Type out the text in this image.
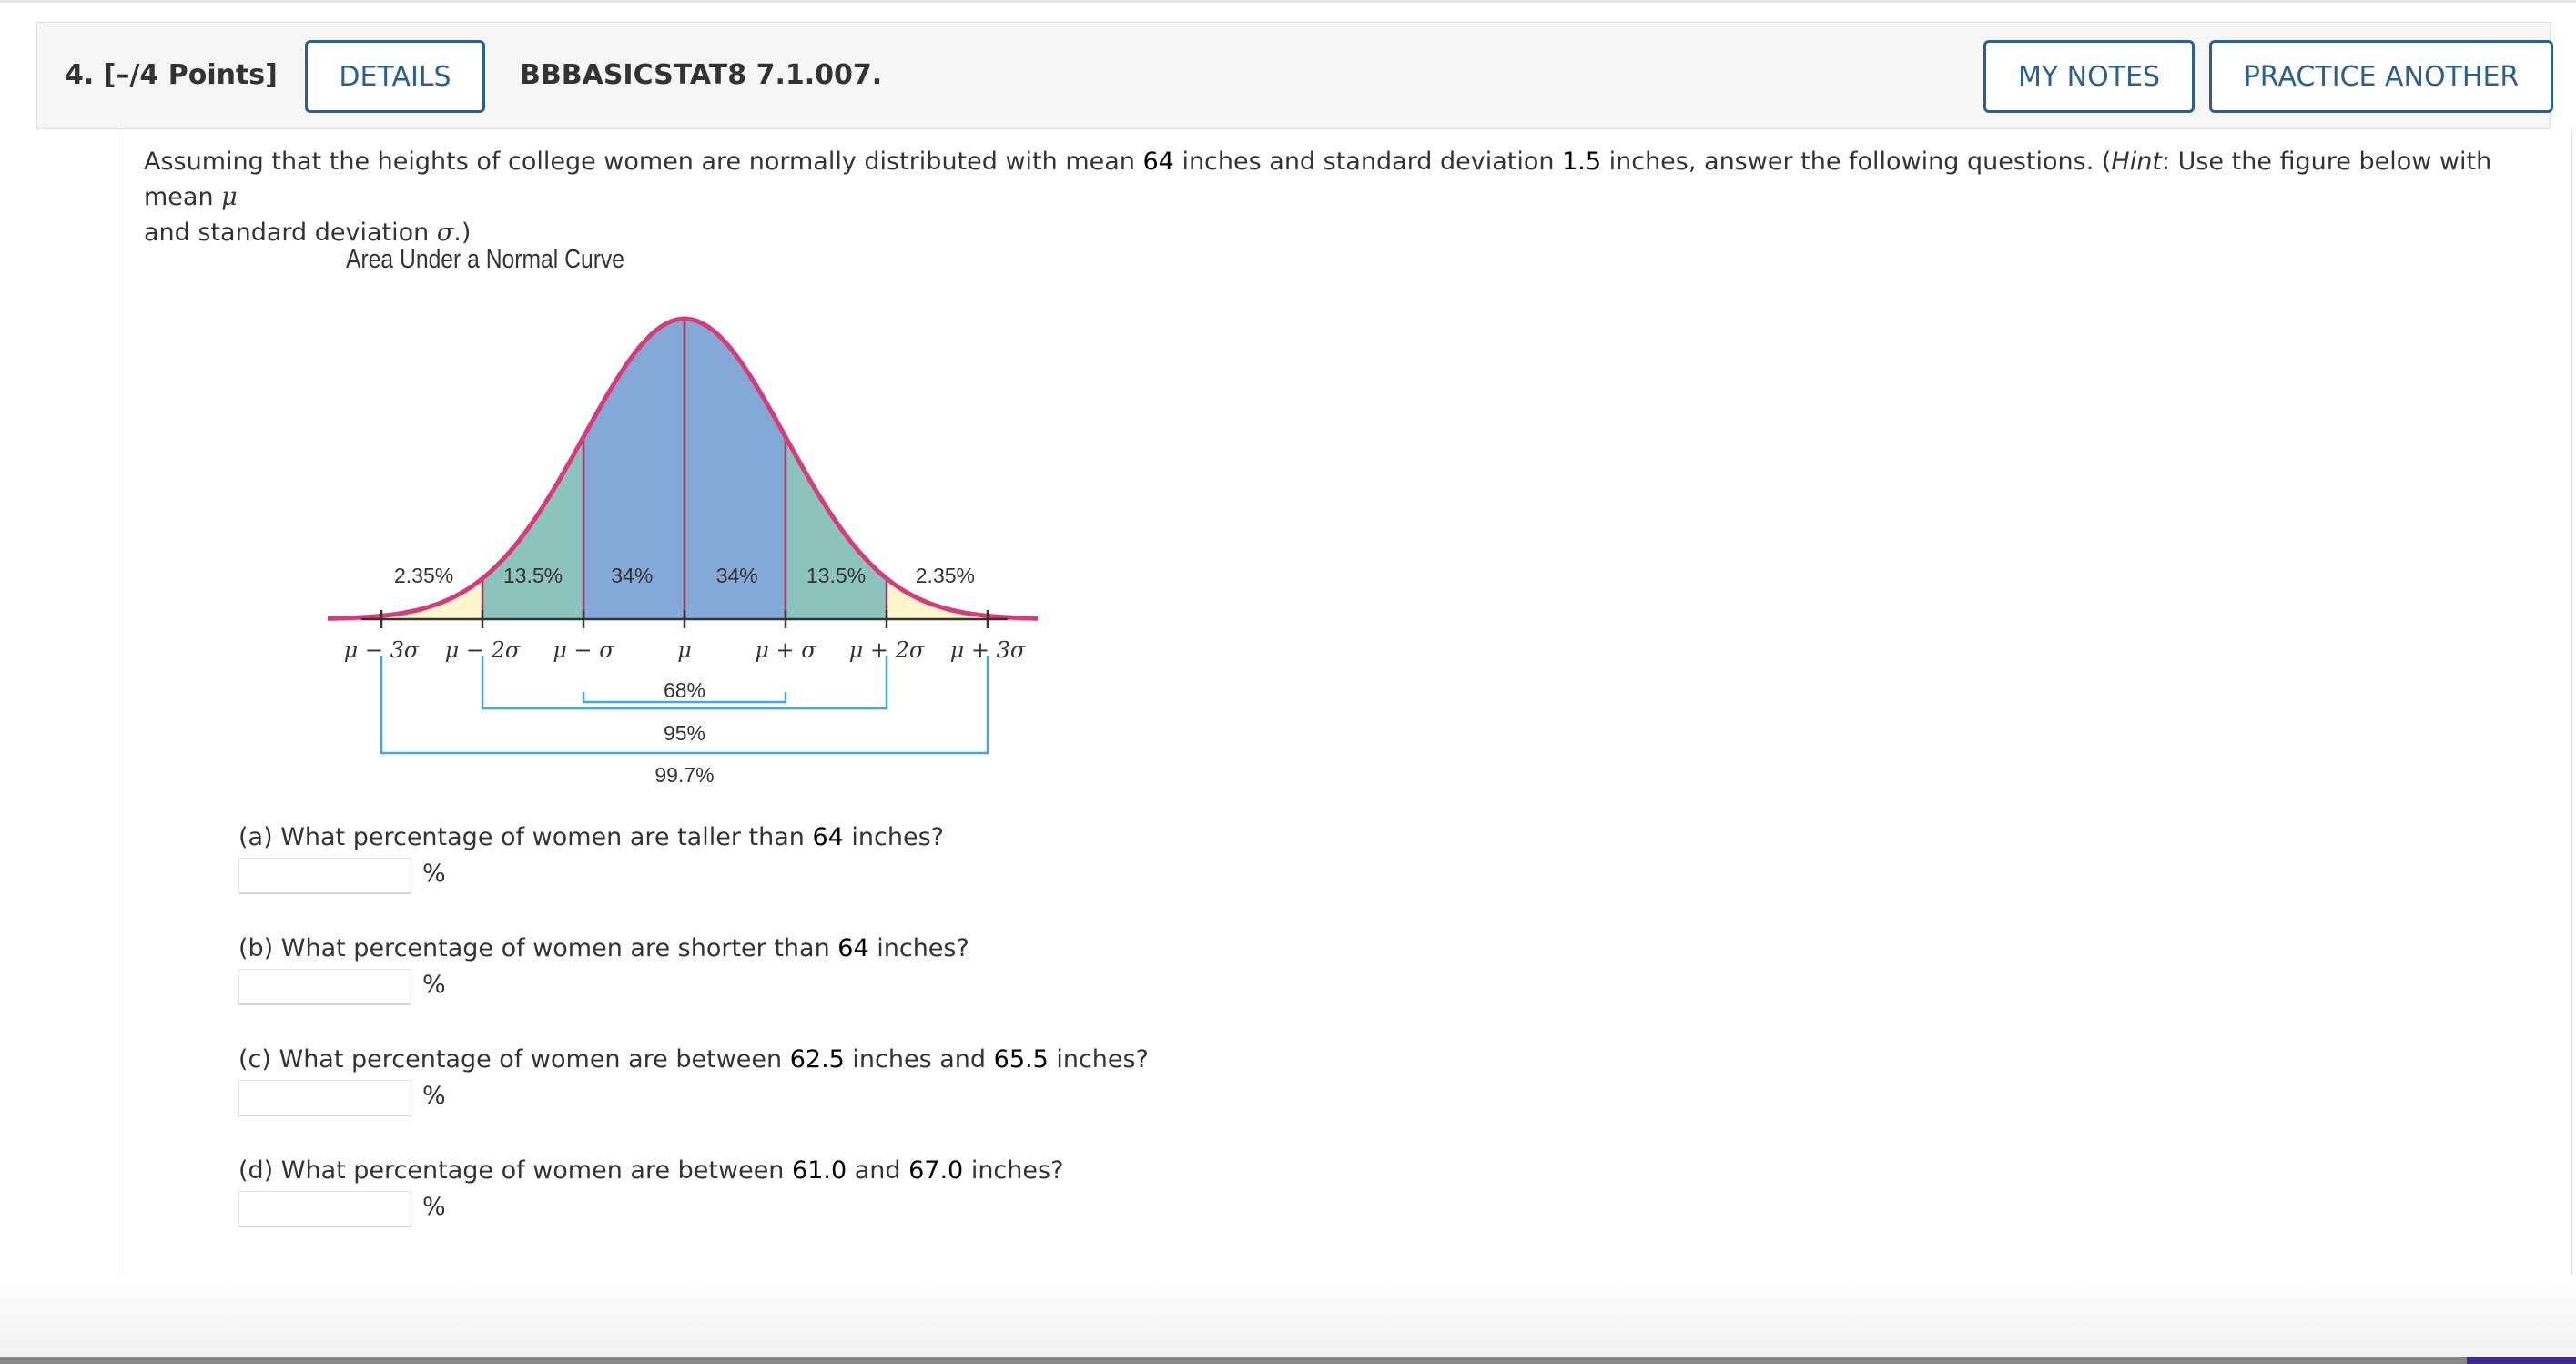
4. [–/4 Points]	DETAILS	BBBASICSTAT8 7.1.007.	MY NOTES	PRACTICE ANOTHER
Assuming that the heights of college women are normally distributed with mean 64 inches and standard deviation 1.5 inches, answer the following questions. (Hint: Use the figure below with mean μ
and standard deviation σ.)
Area Under a Normal Curve
2.35% 13.5% 34%	34% 13.5% 2.35%
μ − 3σ μ − 2σ μ − σ	μ	μ + σ μ + 2σ μ + 3σ
68%
95%
99.7%
(a) What percentage of women are taller than 64 inches?
%
(b) What percentage of women are shorter than 64 inches?
%
(c) What percentage of women are between 62.5 inches and 65.5 inches?
%
(d) What percentage of women are between 61.0 and 67.0 inches?
%
